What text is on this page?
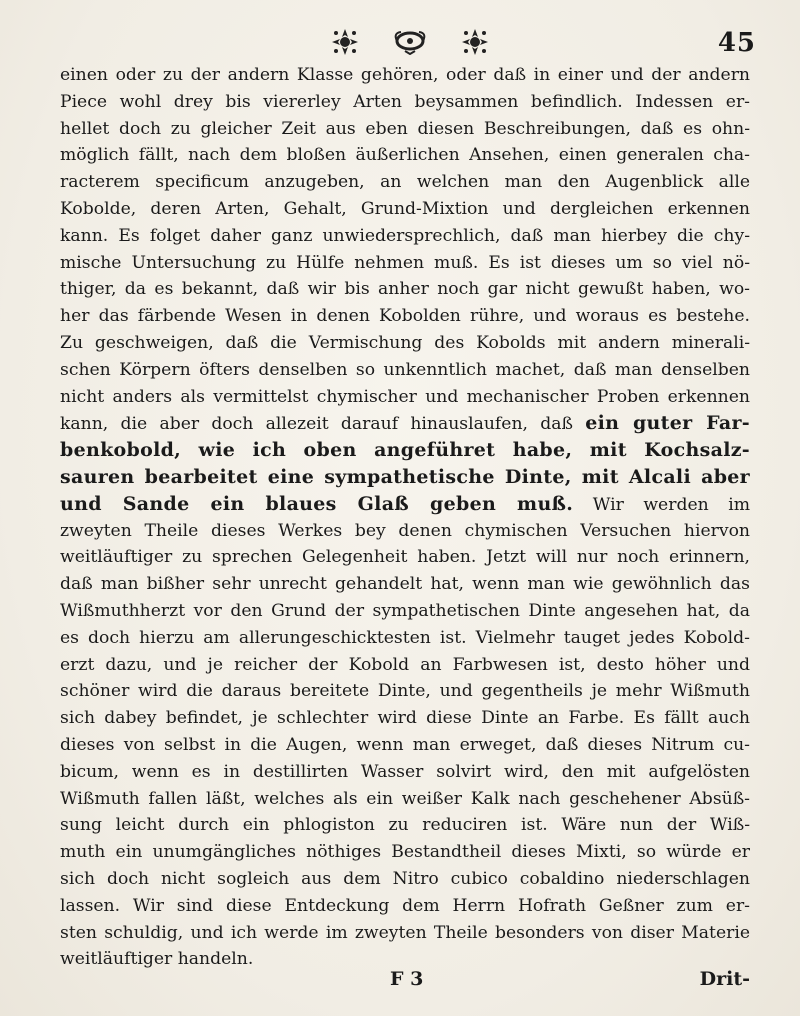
45
einen oder zu der andern Klasse gehören, oder daß in einer und der andern
Piece wohl drey bis viererley Arten beysammen befindlich. Indessen er-
hellet doch zu gleicher Zeit aus eben diesen Beschreibungen, daß es ohn-
möglich fällt, nach dem bloßen äußerlichen Ansehen, einen generalen cha-
racterem specificum anzugeben, an welchen man den Augenblick alle
Kobolde, deren Arten, Gehalt, Grund-Mixtion und dergleichen erkennen
kann. Es folget daher ganz unwiedersprechlich, daß man hierbey die chy-
mische Untersuchung zu Hülfe nehmen muß. Es ist dieses um so viel nö-
thiger, da es bekannt, daß wir bis anher noch gar nicht gewußt haben, wo-
her das färbende Wesen in denen Kobolden rühre, und woraus es bestehe.
Zu geschweigen, daß die Vermischung des Kobolds mit andern minerali-
schen Körpern öfters denselben so unkenntlich machet, daß man denselben
nicht anders als vermittelst chymischer und mechanischer Proben erkennen
kann, die aber doch allezeit darauf hinauslaufen, daß ein guter Far-
benkobold, wie ich oben angeführet habe, mit Kochsalz-
sauren bearbeitet eine sympathetische Dinte, mit Alcali aber
und Sande ein blaues Glaß geben muß. Wir werden im
zweyten Theile dieses Werkes bey denen chymischen Versuchen hiervon
weitläuftiger zu sprechen Gelegenheit haben. Jetzt will nur noch erinnern,
daß man bißher sehr unrecht gehandelt hat, wenn man wie gewöhnlich das
Wißmuthherzt vor den Grund der sympathetischen Dinte angesehen hat, da
es doch hierzu am allerungeschicktesten ist. Vielmehr tauget jedes Kobold-
erzt dazu, und je reicher der Kobold an Farbwesen ist, desto höher und
schöner wird die daraus bereitete Dinte, und gegentheils je mehr Wißmuth
sich dabey befindet, je schlechter wird diese Dinte an Farbe. Es fällt auch
dieses von selbst in die Augen, wenn man erweget, daß dieses Nitrum cu-
bicum, wenn es in destillirten Wasser solvirt wird, den mit aufgelösten
Wißmuth fallen läßt, welches als ein weißer Kalk nach geschehener Absüß-
sung leicht durch ein phlogiston zu reduciren ist. Wäre nun der Wiß-
muth ein unumgängliches nöthiges Bestandtheil dieses Mixti, so würde er
sich doch nicht sogleich aus dem Nitro cubico cobaldino niederschlagen
lassen. Wir sind diese Entdeckung dem Herrn Hofrath Geßner zum er-
sten schuldig, und ich werde im zweyten Theile besonders von diser Materie
weitläuftiger handeln.
F 3	Drit-
